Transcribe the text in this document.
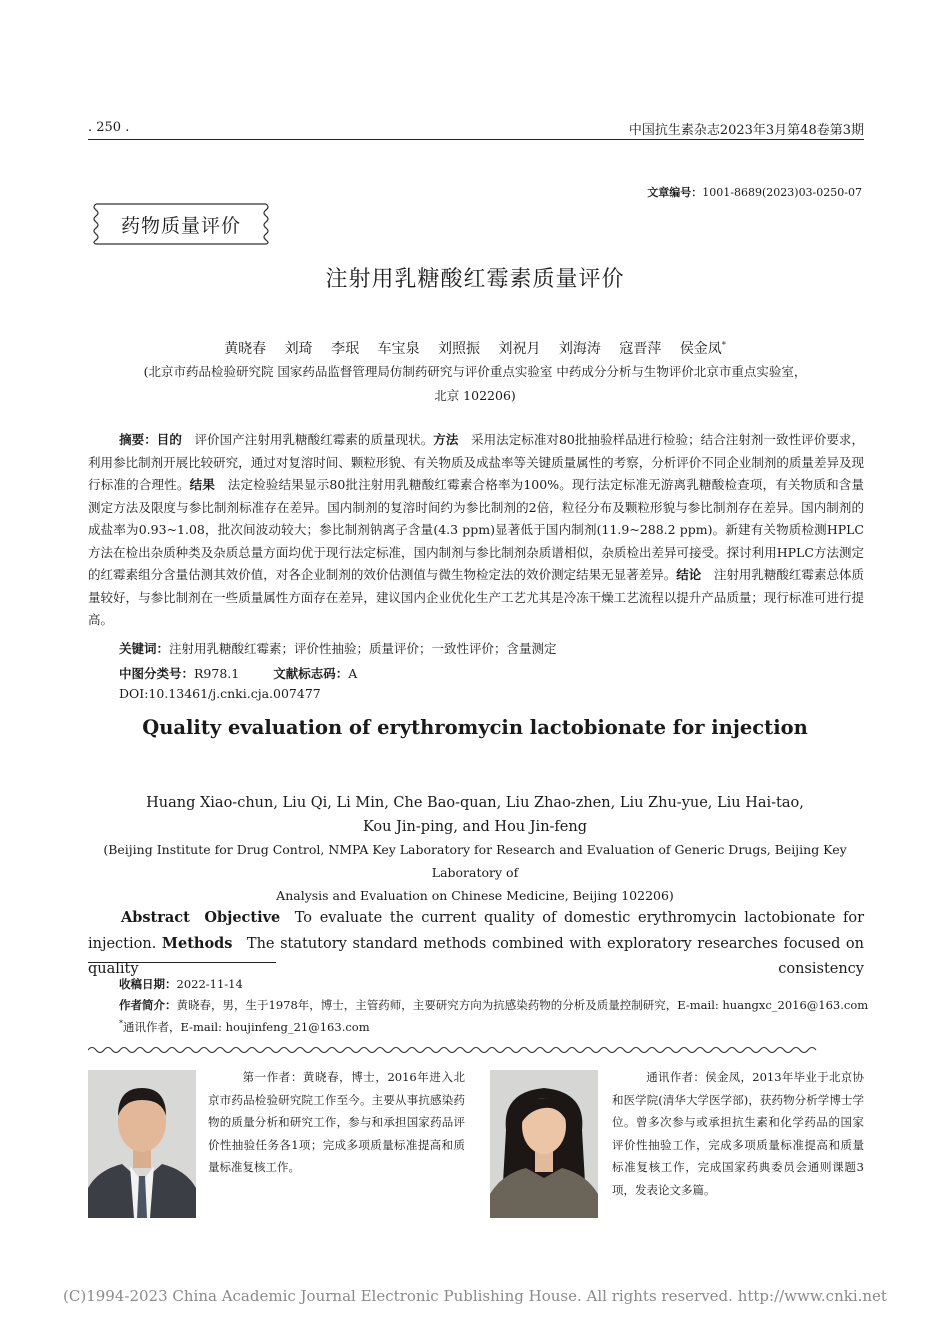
. 250 .	中国抗生素杂志2023年3月第48卷第3期
文章编号：1001-8689(2023)03-0250-07
药物质量评价
注射用乳糖酸红霉素质量评价
黄晓春 刘琦 李珉 车宝泉 刘照振 刘祝月 刘海涛 寇晋萍 侯金凤*
(北京市药品检验研究院 国家药品监督管理局仿制药研究与评价重点实验室 中药成分分析与生物评价北京市重点实验室，
北京 102206)
摘要：目的  评价国产注射用乳糖酸红霉素的质量现状。方法  采用法定标准对80批抽验样品进行检验；结合注射剂一致性评价要求，利用参比制剂开展比较研究，通过对复溶时间、颗粒形貌、有关物质及成盐率等关键质量属性的考察，分析评价不同企业制剂的质量差异及现行标准的合理性。结果  法定检验结果显示80批注射用乳糖酸红霉素合格率为100%。现行法定标准无游离乳糖酸检查项，有关物质和含量测定方法及限度与参比制剂标准存在差异。国内制剂的复溶时间约为参比制剂的2倍，粒径分布及颗粒形貌与参比制剂存在差异。国内制剂的成盐率为0.93~1.08，批次间波动较大；参比制剂钠离子含量(4.3 ppm)显著低于国内制剂(11.9~288.2 ppm)。新建有关物质检测HPLC方法在检出杂质种类及杂质总量方面均优于现行法定标准，国内制剂与参比制剂杂质谱相似，杂质检出差异可接受。探讨利用HPLC方法测定的红霉素组分含量估测其效价值，对各企业制剂的效价估测值与微生物检定法的效价测定结果无显著差异。结论  注射用乳糖酸红霉素总体质量较好，与参比制剂在一些质量属性方面存在差异，建议国内企业优化生产工艺尤其是冷冻干燥工艺流程以提升产品质量；现行标准可进行提高。
关键词：注射用乳糖酸红霉素；评价性抽验；质量评价；一致性评价；含量测定
中图分类号：R978.1	文献标志码：A
DOI:10.13461/j.cnki.cja.007477
Quality evaluation of erythromycin lactobionate for injection
Huang Xiao-chun, Liu Qi, Li Min, Che Bao-quan, Liu Zhao-zhen, Liu Zhu-yue, Liu Hai-tao,
Kou Jin-ping, and Hou Jin-feng
(Beijing Institute for Drug Control, NMPA Key Laboratory for Research and Evaluation of Generic Drugs, Beijing Key Laboratory of
Analysis and Evaluation on Chinese Medicine, Beijing 102206)
Abstract   Objective   To evaluate the current quality of domestic erythromycin lactobionate for injection. Methods   The statutory standard methods combined with exploratory researches focused on quality consistency
收稿日期：2022-11-14
作者简介：黄晓春，男，生于1978年，博士，主管药师，主要研究方向为抗感染药物的分析及质量控制研究，E-mail: huangxc_2016@163.com
*通讯作者，E-mail: houjinfeng_21@163.com
第一作者：黄晓春，博士，2016年进入北京市药品检验研究院工作至今。主要从事抗感染药物的质量分析和研究工作，参与和承担国家药品评价性抽验任务各1项；完成多项质量标准提高和质量标准复核工作。
通讯作者：侯金凤，2013年毕业于北京协和医学院(清华大学医学部)，获药物分析学博士学位。曾多次参与或承担抗生素和化学药品的国家评价性抽验工作，完成多项质量标准提高和质量标准复核工作，完成国家药典委员会通则课题3项，发表论文多篇。
(C)1994-2023 China Academic Journal Electronic Publishing House. All rights reserved. http://www.cnki.net
